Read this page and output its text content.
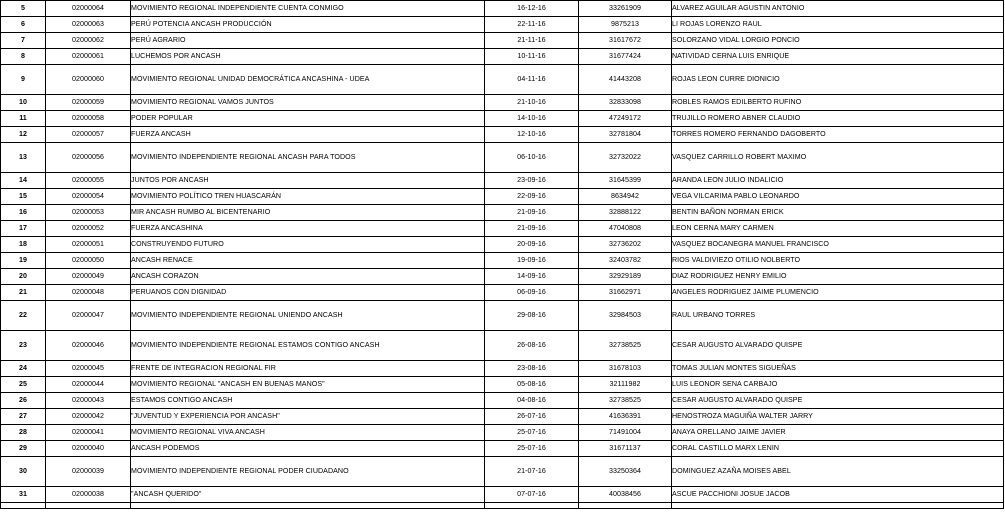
5	02000064	MOVIMIENTO REGIONAL INDEPENDIENTE CUENTA CONMIGO	16-12-16	33261909	ALVAREZ AGUILAR AGUSTIN ANTONIO
6	02000063	PERÚ POTENCIA ANCASH PRODUCCIÓN	22-11-16	9875213	LI ROJAS LORENZO RAUL
7	02000062	PERÚ AGRARIO	21-11-16	31617672	SOLORZANO VIDAL LORGIO PONCIO
8	02000061	LUCHEMOS POR ANCASH	10-11-16	31677424	NATIVIDAD CERNA LUIS ENRIQUE
9	02000060	MOVIMIENTO REGIONAL UNIDAD DEMOCRÁTICA ANCASHINA - UDEA	04-11-16	41443208	ROJAS LEON CURRE DIONICIO
10	02000059	MOVIMIENTO REGIONAL VAMOS JUNTOS	21-10-16	32833098	ROBLES RAMOS EDILBERTO RUFINO
11	02000058	PODER POPULAR	14-10-16	47249172	TRUJILLO ROMERO ABNER CLAUDIO
12	02000057	FUERZA ANCASH	12-10-16	32781804	TORRES ROMERO FERNANDO DAGOBERTO
13	02000056	MOVIMIENTO INDEPENDIENTE REGIONAL ANCASH PARA TODOS	06-10-16	32732022	VASQUEZ CARRILLO ROBERT MAXIMO
14	02000055	JUNTOS POR ANCASH	23-09-16	31645399	ARANDA LEON JULIO INDALICIO
15	02000054	MOVIMIENTO POLÍTICO TREN HUASCARÁN	22-09-16	8634942	VEGA VILCARIMA PABLO LEONARDO
16	02000053	MIR ANCASH RUMBO AL BICENTENARIO	21-09-16	32888122	BENTIN BAÑON NORMAN ERICK
17	02000052	FUERZA ANCASHINA	21-09-16	47040808	LEON CERNA MARY CARMEN
18	02000051	CONSTRUYENDO FUTURO	20-09-16	32736202	VASQUEZ BOCANEGRA MANUEL FRANCISCO
19	02000050	ANCASH RENACE	19-09-16	32403782	RIOS VALDIVIEZO OTILIO NOLBERTO
20	02000049	ANCASH CORAZON	14-09-16	32929189	DIAZ RODRIGUEZ HENRY EMILIO
21	02000048	PERUANOS CON DIGNIDAD	06-09-16	31662971	ANGELES RODRIGUEZ JAIME PLUMENCIO
22	02000047	MOVIMIENTO INDEPENDIENTE REGIONAL UNIENDO ANCASH	29-08-16	32984503	RAUL URBANO TORRES
23	02000046	MOVIMIENTO INDEPENDIENTE REGIONAL ESTAMOS CONTIGO ANCASH	26-08-16	32738525	CESAR AUGUSTO ALVARADO QUISPE
24	02000045	FRENTE DE INTEGRACION REGIONAL FIR	23-08-16	31678103	TOMAS JULIAN MONTES SIGUEÑAS
25	02000044	MOVIMIENTO REGIONAL "ANCASH EN BUENAS MANOS"	05-08-16	32111982	LUIS LEONOR SENA CARBAJO
26	02000043	ESTAMOS CONTIGO ANCASH	04-08-16	32738525	CESAR AUGUSTO ALVARADO QUISPE
27	02000042	"JUVENTUD Y EXPERIENCIA POR ANCASH"	26-07-16	41636391	HENOSTROZA MAGUIÑA WALTER JARRY
28	02000041	MOVIMIENTO REGIONAL VIVA ANCASH	25-07-16	71491004	ANAYA ORELLANO JAIME JAVIER
29	02000040	ANCASH PODEMOS	25-07-16	31671137	CORAL CASTILLO MARX LENIN
30	02000039	MOVIMIENTO INDEPENDIENTE REGIONAL PODER CIUDADANO	21-07-16	33250364	DOMINGUEZ AZAÑA MOISES ABEL
31	02000038	"ANCASH QUERIDO"	07-07-16	40038456	ASCUE PACCHIONI JOSUE JACOB
